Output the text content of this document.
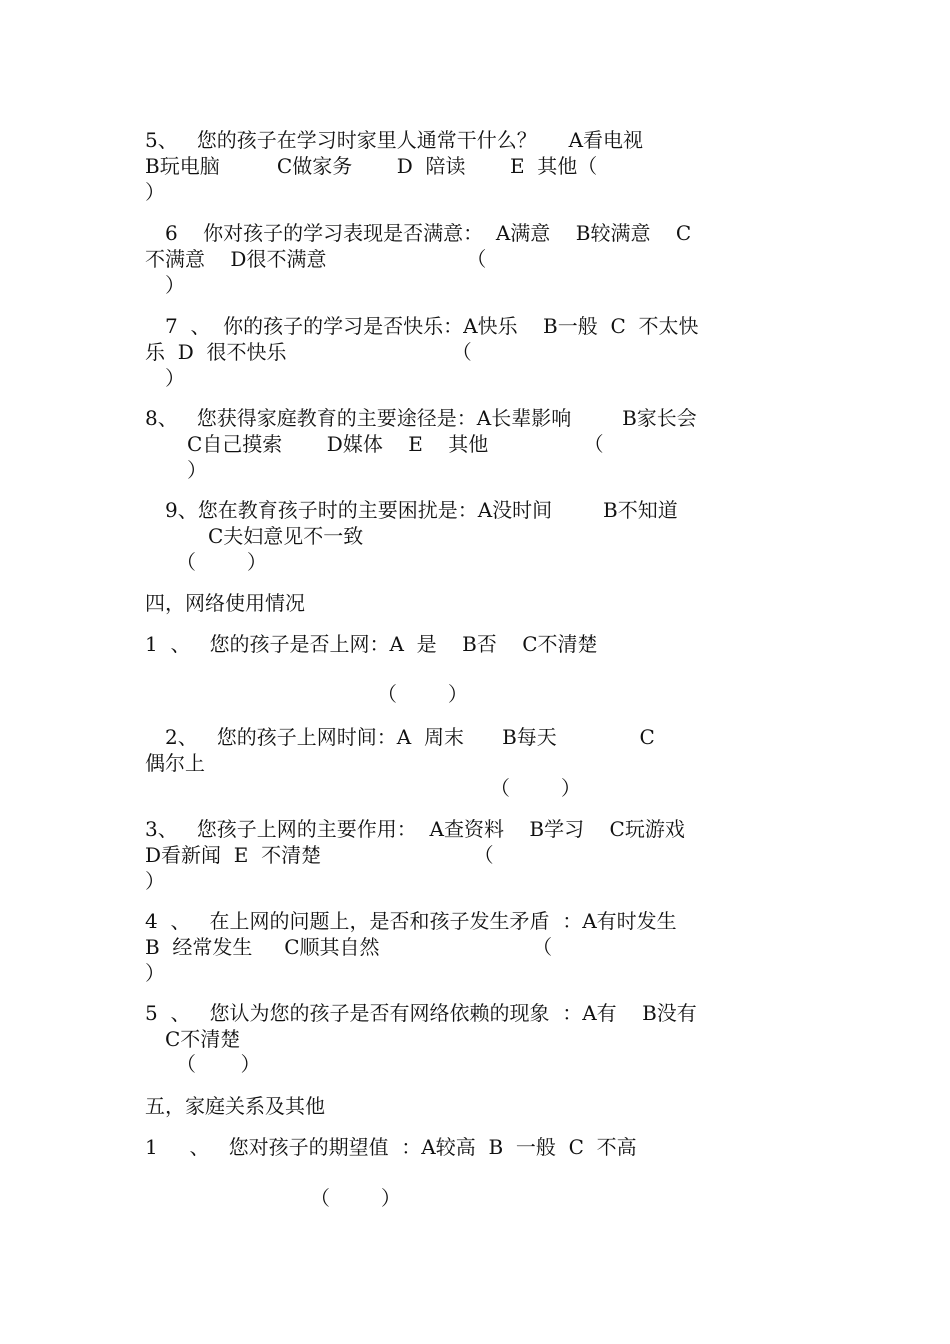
5、   您的孩子在学习时家里人通常干什么？     A看电视
B玩电脑         C做家务       D  陪读       E  其他（
）
6    你对孩子的学习表现是否满意：  A满意    B较满意    C
不满意    D很不满意                      （
）
7  、  你的孩子的学习是否快乐：A快乐    B一般  C  不太快
乐  D  很不快乐                          （
）
8、   您获得家庭教育的主要途径是：A长辈影响        B家长会
C自己摸索       D媒体    E    其他               （
）
9、您在教育孩子时的主要困扰是：A没时间        B不知道
C夫妇意见不一致
（        ）
四，网络使用情况
1  、   您的孩子是否上网：A  是    B否    C不清楚
（        ）
2、   您的孩子上网时间：A  周末      B每天             C
偶尔上
（        ）
3、   您孩子上网的主要作用：  A查资料    B学习    C玩游戏
D看新闻  E  不清楚                        （
）
4  、   在上网的问题上，是否和孩子发生矛盾  ：A有时发生
B  经常发生     C顺其自然                        （
）
5  、   您认为您的孩子是否有网络依赖的现象  ：A有    B没有
C不清楚
（       ）
五，家庭关系及其他
1     、   您对孩子的期望值  ：A较高  B  一般  C  不高
（        ）
